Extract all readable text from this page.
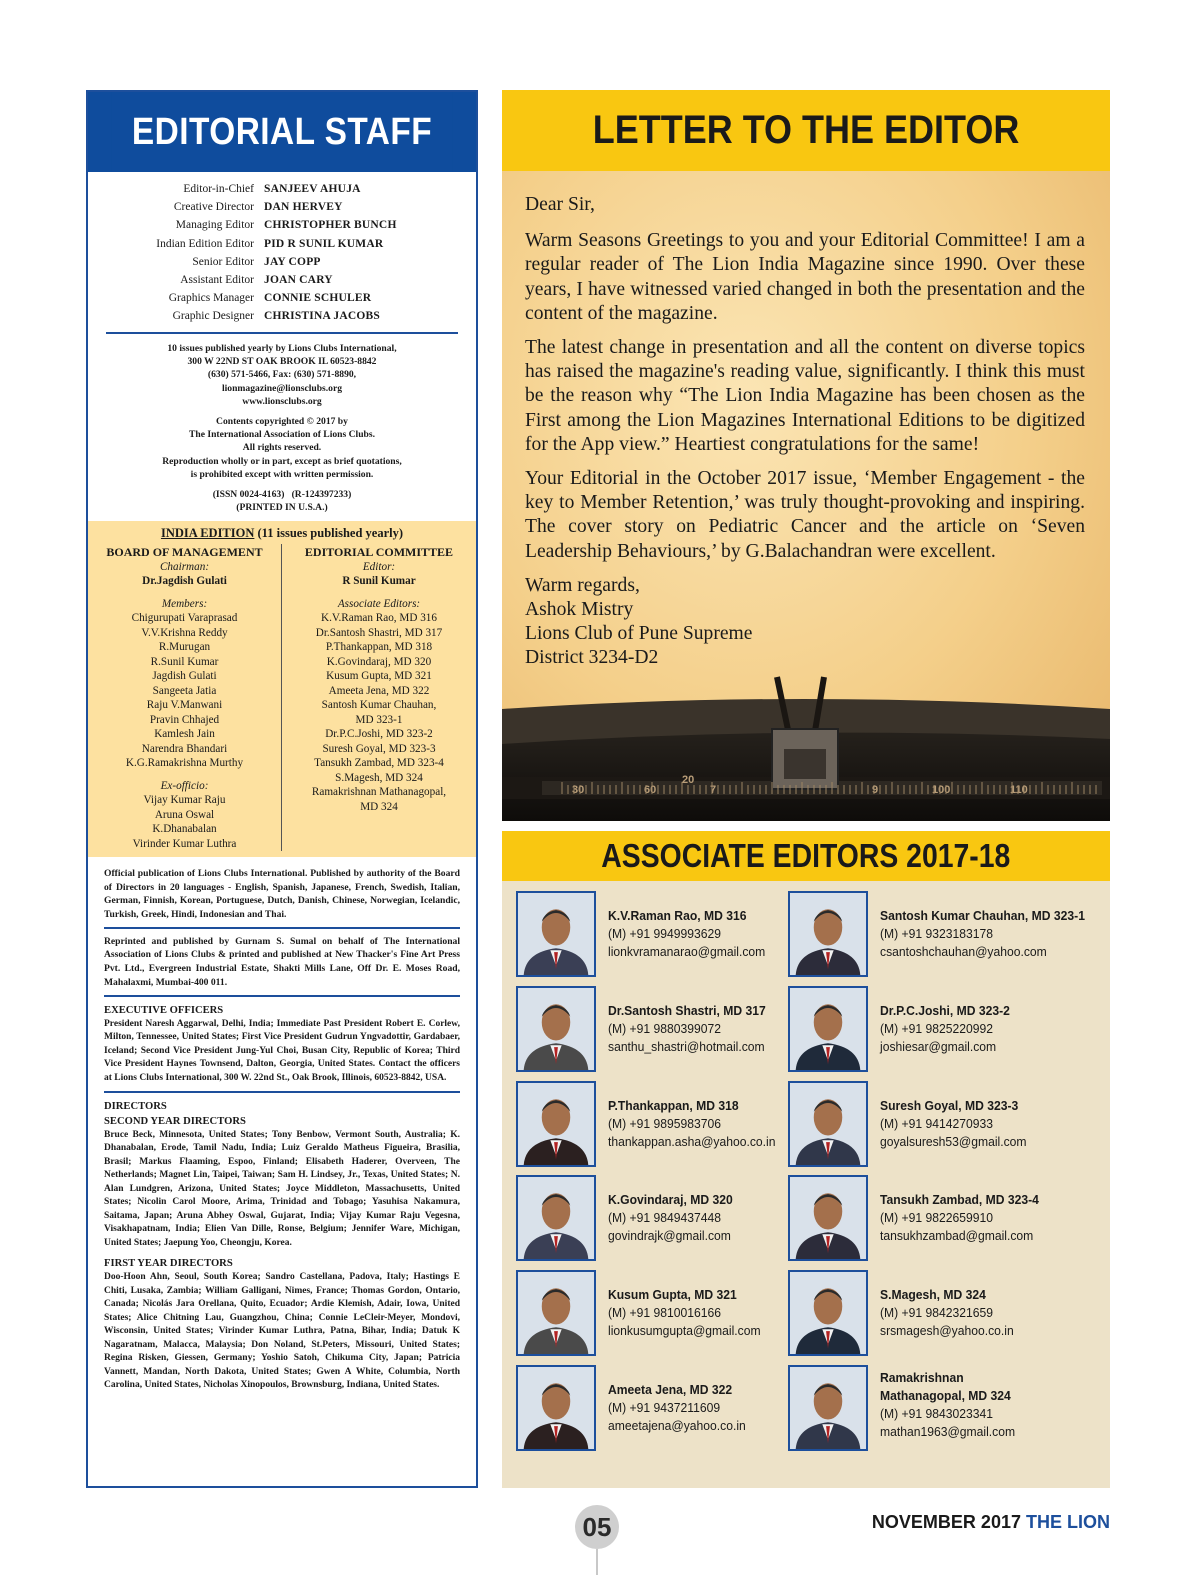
EDITORIAL STAFF
Editor-in-Chief SANJEEV AHUJA
Creative Director DAN HERVEY
Managing Editor CHRISTOPHER BUNCH
Indian Edition Editor PID R SUNIL KUMAR
Senior Editor JAY COPP
Assistant Editor JOAN CARY
Graphics Manager CONNIE SCHULER
Graphic Designer CHRISTINA JACOBS
10 issues published yearly by Lions Clubs International,
300 W 22ND ST OAK BROOK IL 60523-8842
(630) 571-5466, Fax: (630) 571-8890,
lionmagazine@lionsclubs.org
www.lionsclubs.org
Contents copyrighted © 2017 by
The International Association of Lions Clubs.
All rights reserved.
Reproduction wholly or in part, except as brief quotations,
is prohibited except with written permission.
(ISSN 0024-4163)   (R-124397233)
(PRINTED IN U.S.A.)
INDIA EDITION (11 issues published yearly)
BOARD OF MANAGEMENT
Chairman:
Dr.Jagdish Gulati
Members:
Chigurupati Varaprasad
V.V.Krishna Reddy
R.Murugan
R.Sunil Kumar
Jagdish Gulati
Sangeeta Jatia
Raju V.Manwani
Pravin Chhajed
Kamlesh Jain
Narendra Bhandari
K.G.Ramakrishna Murthy
Ex-officio:
Vijay Kumar Raju
Aruna Oswal
K.Dhanabalan
Virinder Kumar Luthra
EDITORIAL COMMITTEE
Editor:
R Sunil Kumar
Associate Editors:
K.V.Raman Rao, MD 316
Dr.Santosh Shastri, MD 317
P.Thankappan, MD 318
K.Govindaraj, MD 320
Kusum Gupta, MD 321
Ameeta Jena, MD 322
Santosh Kumar Chauhan,
MD 323-1
Dr.P.C.Joshi, MD 323-2
Suresh Goyal, MD 323-3
Tansukh Zambad, MD 323-4
S.Magesh, MD 324
Ramakrishnan Mathanagopal,
MD 324
Official publication of Lions Clubs International. Published by authority of the Board of Directors in 20 languages - English, Spanish, Japanese, French, Swedish, Italian, German, Finnish, Korean, Portuguese, Dutch, Danish, Chinese, Norwegian, Icelandic, Turkish, Greek, Hindi, Indonesian and Thai.
Reprinted and published by Gurnam S. Sumal on behalf of The International Association of Lions Clubs & printed and published at New Thacker's Fine Art Press Pvt. Ltd., Evergreen Industrial Estate, Shakti Mills Lane, Off Dr. E. Moses Road, Mahalaxmi, Mumbai-400 011.
EXECUTIVE OFFICERS
President Naresh Aggarwal, Delhi, India; Immediate Past President Robert E. Corlew, Milton, Tennessee, United States; First Vice President Gudrun Yngvadottir, Gardabaer, Iceland; Second Vice President Jung-Yul Choi, Busan City, Republic of Korea; Third Vice President Haynes Townsend, Dalton, Georgia, United States. Contact the officers at Lions Clubs International, 300 W. 22nd St., Oak Brook, Illinois, 60523-8842, USA.
DIRECTORS
SECOND YEAR DIRECTORS
Bruce Beck, Minnesota, United States; Tony Benbow, Vermont South, Australia; K. Dhanabalan, Erode, Tamil Nadu, India; Luiz Geraldo Matheus Figueira, Brasilia, Brasil; Markus Flaaming, Espoo, Finland; Elisabeth Haderer, Overveen, The Netherlands; Magnet Lin, Taipei, Taiwan; Sam H. Lindsey, Jr., Texas, United States; N. Alan Lundgren, Arizona, United States; Joyce Middleton, Massachusetts, United States; Nicolin Carol Moore, Arima, Trinidad and Tobago; Yasuhisa Nakamura, Saitama, Japan; Aruna Abhey Oswal, Gujarat, India; Vijay Kumar Raju Vegesna, Visakhapatnam, India; Elien Van Dille, Ronse, Belgium; Jennifer Ware, Michigan, United States; Jaepung Yoo, Cheongju, Korea.
FIRST YEAR DIRECTORS
Doo-Hoon Ahn, Seoul, South Korea; Sandro Castellana, Padova, Italy; Hastings E Chiti, Lusaka, Zambia; William Galligani, Nimes, France; Thomas Gordon, Ontario, Canada; Nicolás Jara Orellana, Quito, Ecuador; Ardie Klemish, Adair, Iowa, United States; Alice Chitning Lau, Guangzhou, China; Connie LeCleir-Meyer, Mondovi, Wisconsin, United States; Virinder Kumar Luthra, Patna, Bihar, India; Datuk K Nagaratnam, Malacca, Malaysia; Don Noland, St.Peters, Missouri, United States; Regina Risken, Giessen, Germany; Yoshio Satoh, Chikuma City, Japan; Patricia Vannett, Mandan, North Dakota, United States; Gwen A White, Columbia, North Carolina, United States, Nicholas Xinopoulos, Brownsburg, Indiana, United States.
LETTER TO THE EDITOR
20
30	60	7	9	100	110

Dear Sir,

Warm Seasons Greetings to you and your Editorial Committee! I am a regular reader of The Lion India Magazine since 1990. Over these years, I have witnessed varied changed in both the presentation and the content of the magazine.

The latest change in presentation and all the content on diverse topics has raised the magazine's reading value, significantly. I think this must be the reason why “The Lion India Magazine has been chosen as the First among the Lion Magazines International Editions to be digitized for the App view.” Heartiest congratulations for the same!

Your Editorial in the October 2017 issue, ‘Member Engagement - the key to Member Retention,’ was truly thought-provoking and inspiring. The cover story on Pediatric Cancer and the article on ‘Seven Leadership Behaviours,’ by G.Balachandran were excellent.

Warm regards,
Ashok Mistry
Lions Club of Pune Supreme
District 3234-D2
ASSOCIATE EDITORS 2017-18
K.V.Raman Rao, MD 316
(M) +91 9949993629
lionkvramanarao@gmail.com
Santosh Kumar Chauhan, MD 323-1
(M) +91 9323183178
csantoshchauhan@yahoo.com
Dr.Santosh Shastri, MD 317
(M) +91 9880399072
santhu_shastri@hotmail.com
Dr.P.C.Joshi, MD 323-2
(M) +91 9825220992
joshiesar@gmail.com
P.Thankappan, MD 318
(M) +91 9895983706
thankappan.asha@yahoo.co.in
Suresh Goyal, MD 323-3
(M) +91 9414270933
goyalsuresh53@gmail.com
K.Govindaraj, MD 320
(M) +91 9849437448
govindrajk@gmail.com
Tansukh Zambad, MD 323-4
(M) +91 9822659910
tansukhzambad@gmail.com
Kusum Gupta, MD 321
(M) +91 9810016166
lionkusumgupta@gmail.com
S.Magesh, MD 324
(M) +91 9842321659
srsmagesh@yahoo.co.in
Ameeta Jena, MD 322
(M) +91 9437211609
ameetajena@yahoo.co.in
Ramakrishnan
Mathanagopal, MD 324
(M) +91 9843023341
mathan1963@gmail.com
05	NOVEMBER 2017 THE LION
